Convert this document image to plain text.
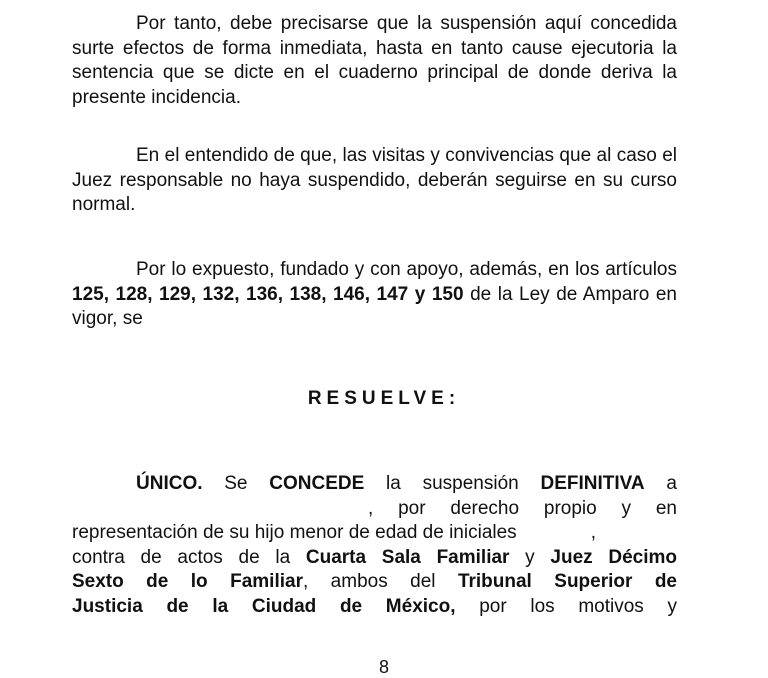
Por tanto, debe precisarse que la suspensión aquí concedida surte efectos de forma inmediata, hasta en tanto cause ejecutoria la sentencia que se dicte en el cuaderno principal de donde deriva la presente incidencia.

En el entendido de que, las visitas y convivencias que al caso el Juez responsable no haya suspendido, deberán seguirse en su curso normal.

Por lo expuesto, fundado y con apoyo, además, en los artículos 125, 128, 129, 132, 136, 138, 146, 147 y 150 de la Ley de Amparo en vigor, se

RESUELVE:

ÚNICO. Se CONCEDE la suspensión DEFINITIVA a
, por derecho propio y en
representación de su hijo menor de edad de iniciales	,
contra de actos de la Cuarta Sala Familiar y Juez Décimo
Sexto de lo Familiar, ambos del Tribunal Superior de
Justicia de la Ciudad de México, por los motivos y

8
